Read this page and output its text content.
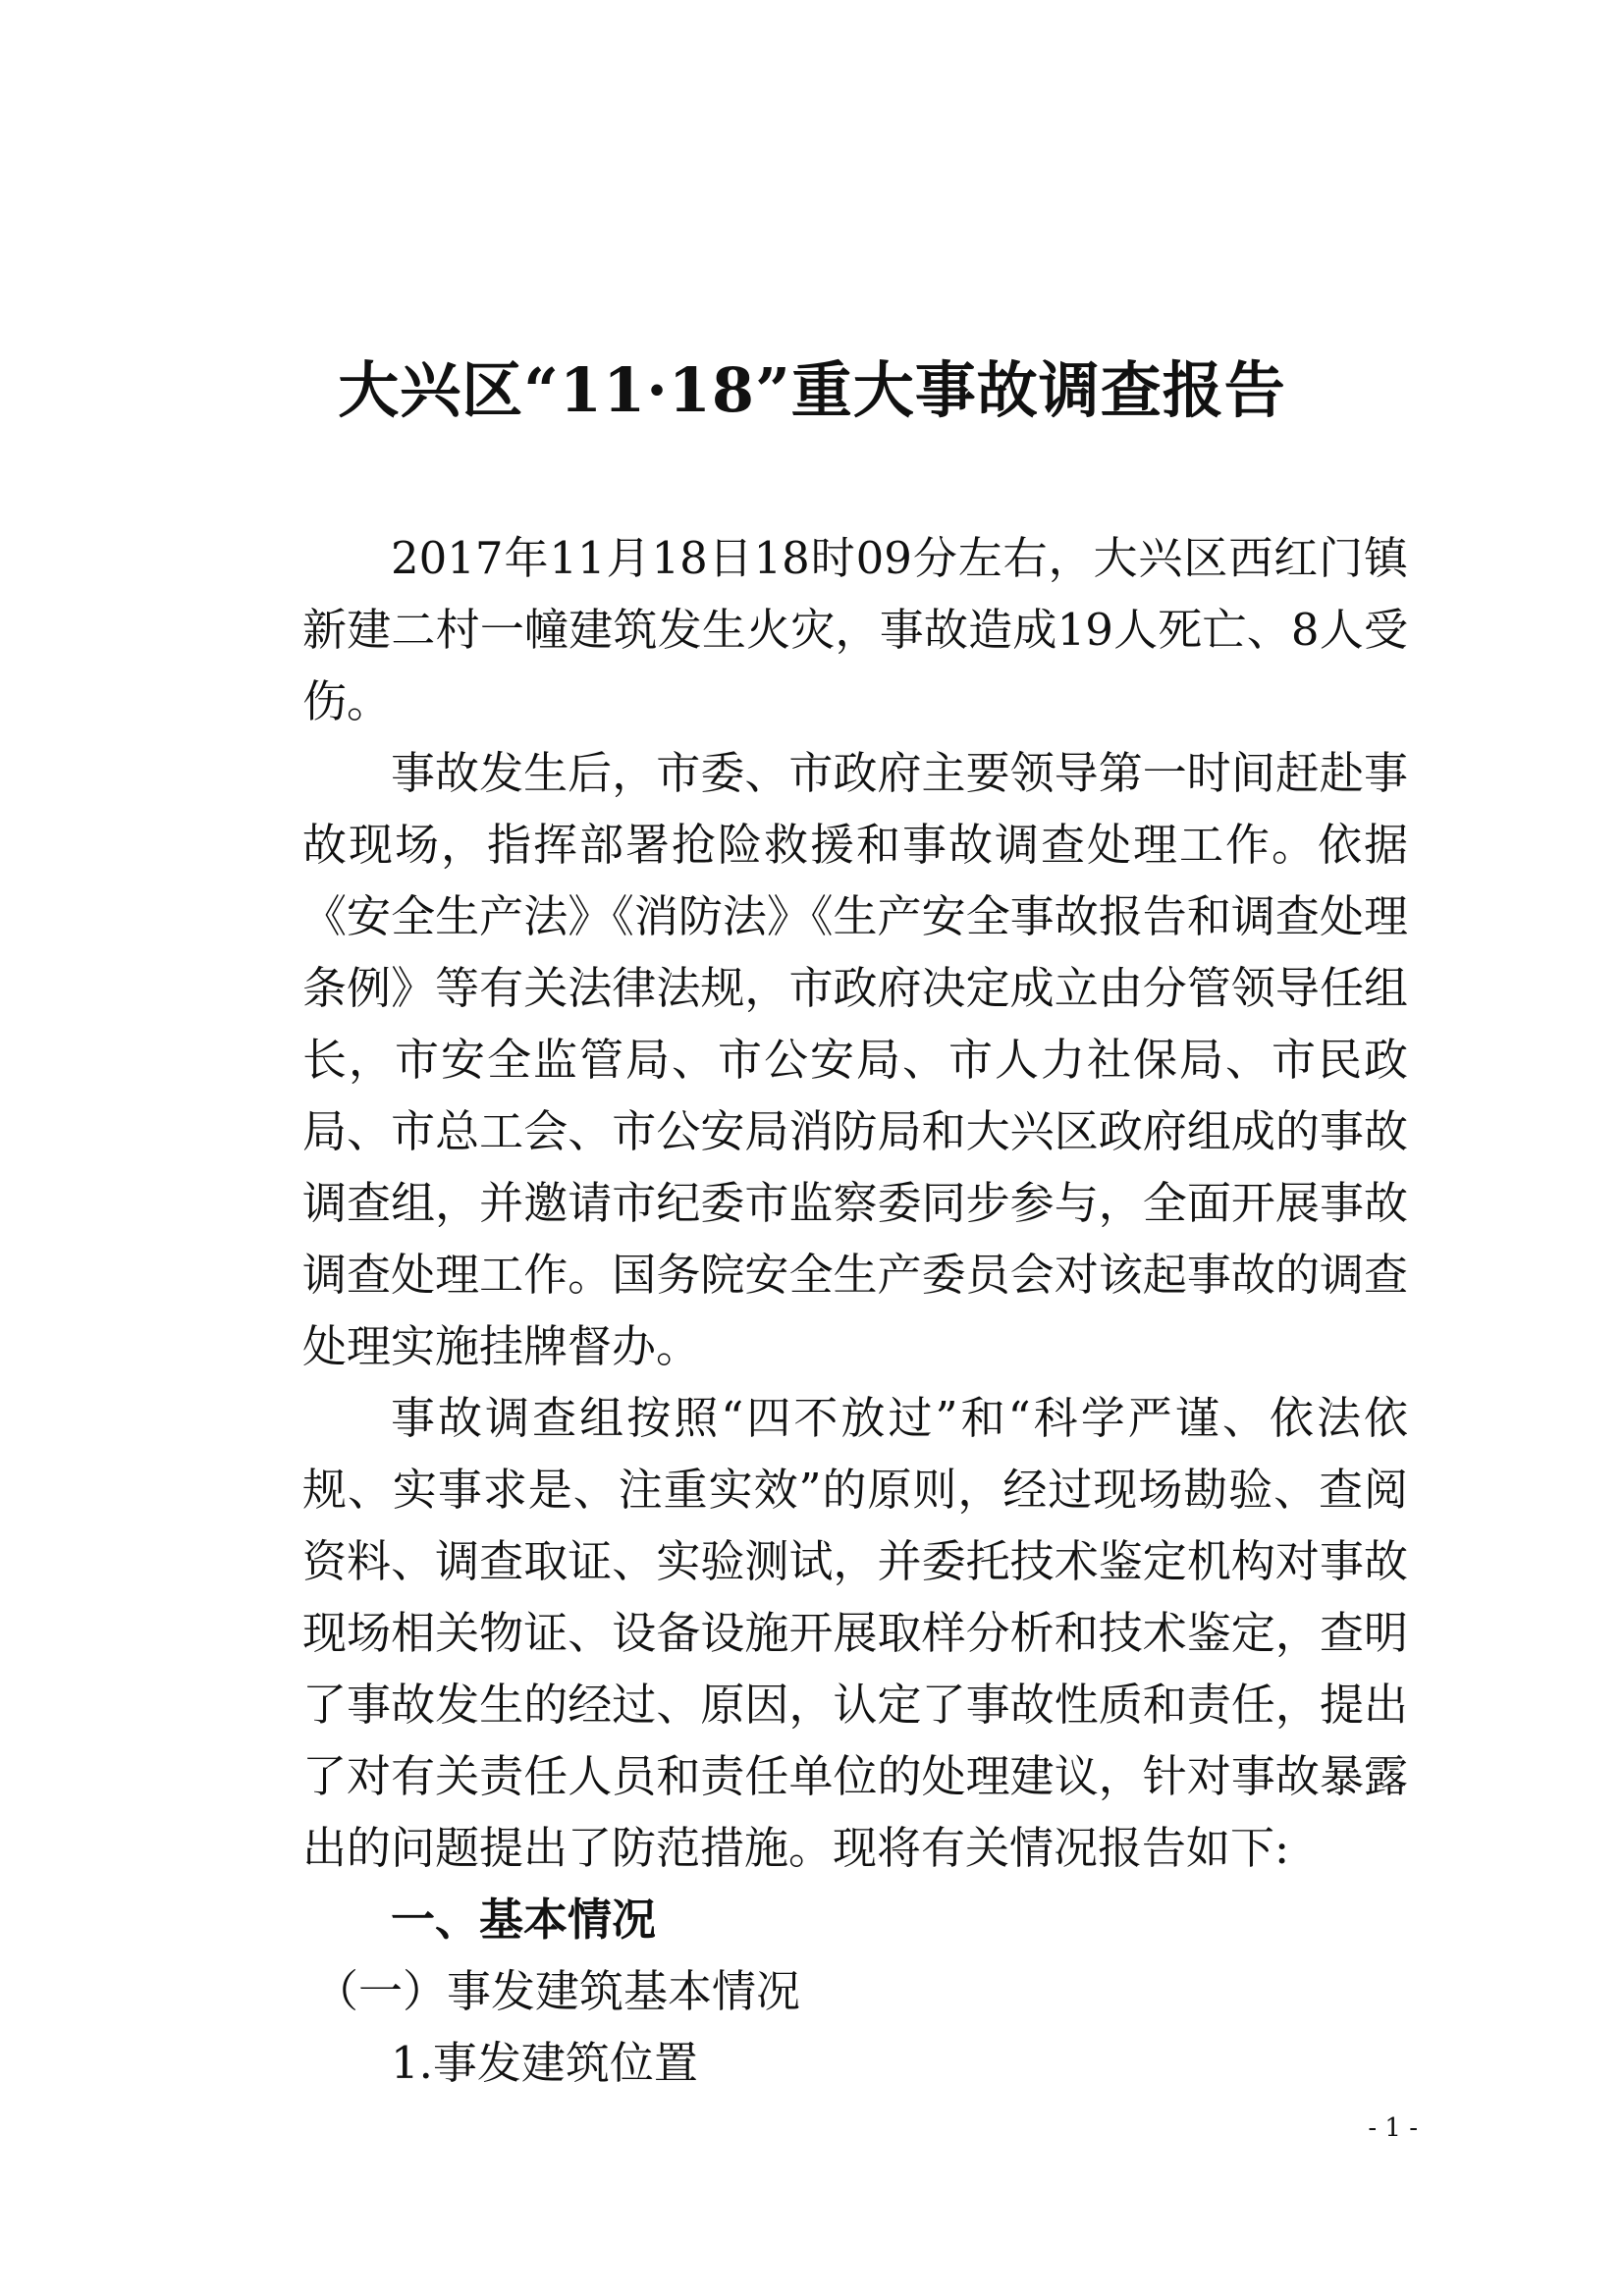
大兴区“11·18”重大事故调查报告

2017年11月18日18时09分左右，大兴区西红门镇新建二村一幢建筑发生火灾，事故造成19人死亡、8人受伤。

事故发生后，市委、市政府主要领导第一时间赶赴事故现场，指挥部署抢险救援和事故调查处理工作。依据《安全生产法》《消防法》《生产安全事故报告和调查处理条例》等有关法律法规，市政府决定成立由分管领导任组长，市安全监管局、市公安局、市人力社保局、市民政局、市总工会、市公安局消防局和大兴区政府组成的事故调查组，并邀请市纪委市监察委同步参与，全面开展事故调查处理工作。国务院安全生产委员会对该起事故的调查处理实施挂牌督办。

事故调查组按照“四不放过”和“科学严谨、依法依规、实事求是、注重实效”的原则，经过现场勘验、查阅资料、调查取证、实验测试，并委托技术鉴定机构对事故现场相关物证、设备设施开展取样分析和技术鉴定，查明了事故发生的经过、原因，认定了事故性质和责任，提出了对有关责任人员和责任单位的处理建议，针对事故暴露出的问题提出了防范措施。现将有关情况报告如下:

一、基本情况

（一）事发建筑基本情况

1.事发建筑位置

- 1 -
